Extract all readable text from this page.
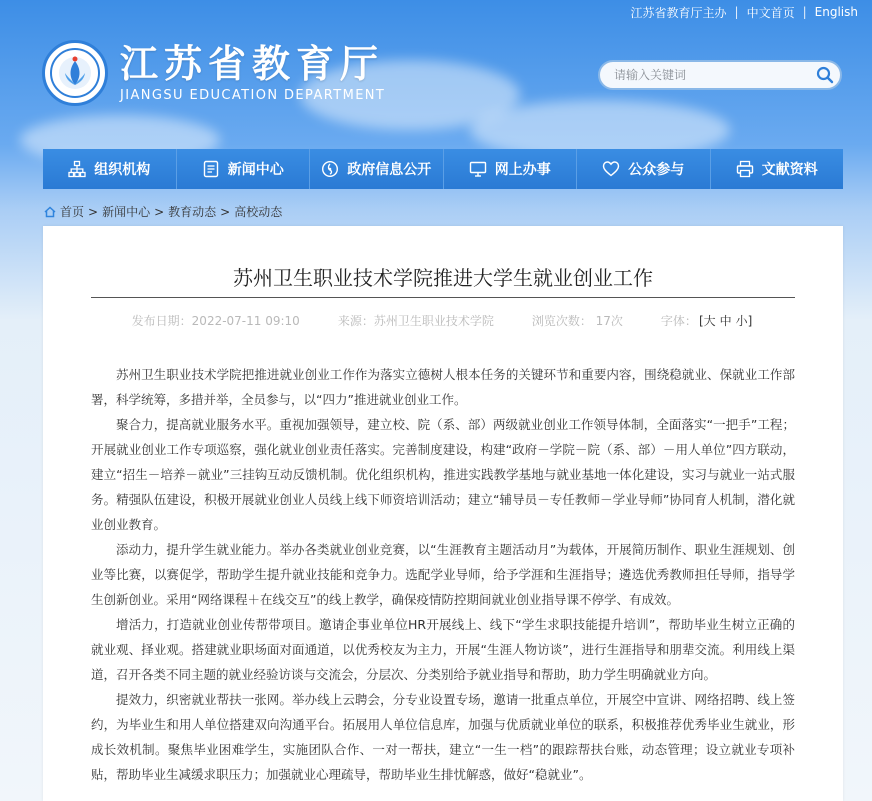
江苏省教育厅主办 | 中文首页 | English
江苏省教育厅
JIANGSU EDUCATION DEPARTMENT
请输入关键词
组织机构	新闻中心	政府信息公开	网上办事	公众参与	文献资料
首页 > 新闻中心 > 教育动态 > 高校动态
苏州卫生职业技术学院推进大学生就业创业工作
发布日期：2022-07-11 09:10	来源：苏州卫生职业技术学院	浏览次数： 17次	字体： [大 中 小]

苏州卫生职业技术学院把推进就业创业工作作为落实立德树人根本任务的关键环节和重要内容，围绕稳就业、保就业工作部署，科学统筹，多措并举，全员参与，以“四力”推进就业创业工作。

聚合力，提高就业服务水平。重视加强领导，建立校、院（系、部）两级就业创业工作领导体制，全面落实“一把手”工程；开展就业创业工作专项巡察，强化就业创业责任落实。完善制度建设，构建“政府－学院－院（系、部）－用人单位”四方联动，建立“招生－培养－就业”三挂钩互动反馈机制。优化组织机构，推进实践教学基地与就业基地一体化建设，实习与就业一站式服务。精强队伍建设，积极开展就业创业人员线上线下师资培训活动；建立“辅导员－专任教师－学业导师”协同育人机制，潜化就业创业教育。

添动力，提升学生就业能力。举办各类就业创业竞赛，以“生涯教育主题活动月”为载体，开展简历制作、职业生涯规划、创业等比赛，以赛促学，帮助学生提升就业技能和竞争力。选配学业导师，给予学涯和生涯指导；遴选优秀教师担任导师，指导学生创新创业。采用“网络课程＋在线交互”的线上教学，确保疫情防控期间就业创业指导课不停学、有成效。

增活力，打造就业创业传帮带项目。邀请企事业单位HR开展线上、线下“学生求职技能提升培训”，帮助毕业生树立正确的就业观、择业观。搭建就业职场面对面通道，以优秀校友为主力，开展“生涯人物访谈”，进行生涯指导和朋辈交流。利用线上渠道，召开各类不同主题的就业经验访谈与交流会，分层次、分类别给予就业指导和帮助，助力学生明确就业方向。

提效力，织密就业帮扶一张网。举办线上云聘会，分专业设置专场，邀请一批重点单位，开展空中宣讲、网络招聘、线上签约，为毕业生和用人单位搭建双向沟通平台。拓展用人单位信息库，加强与优质就业单位的联系，积极推荐优秀毕业生就业，形成长效机制。聚焦毕业困难学生，实施团队合作、一对一帮扶，建立“一生一档”的跟踪帮扶台账，动态管理；设立就业专项补贴，帮助毕业生减缓求职压力；加强就业心理疏导，帮助毕业生排忧解惑，做好“稳就业”。
